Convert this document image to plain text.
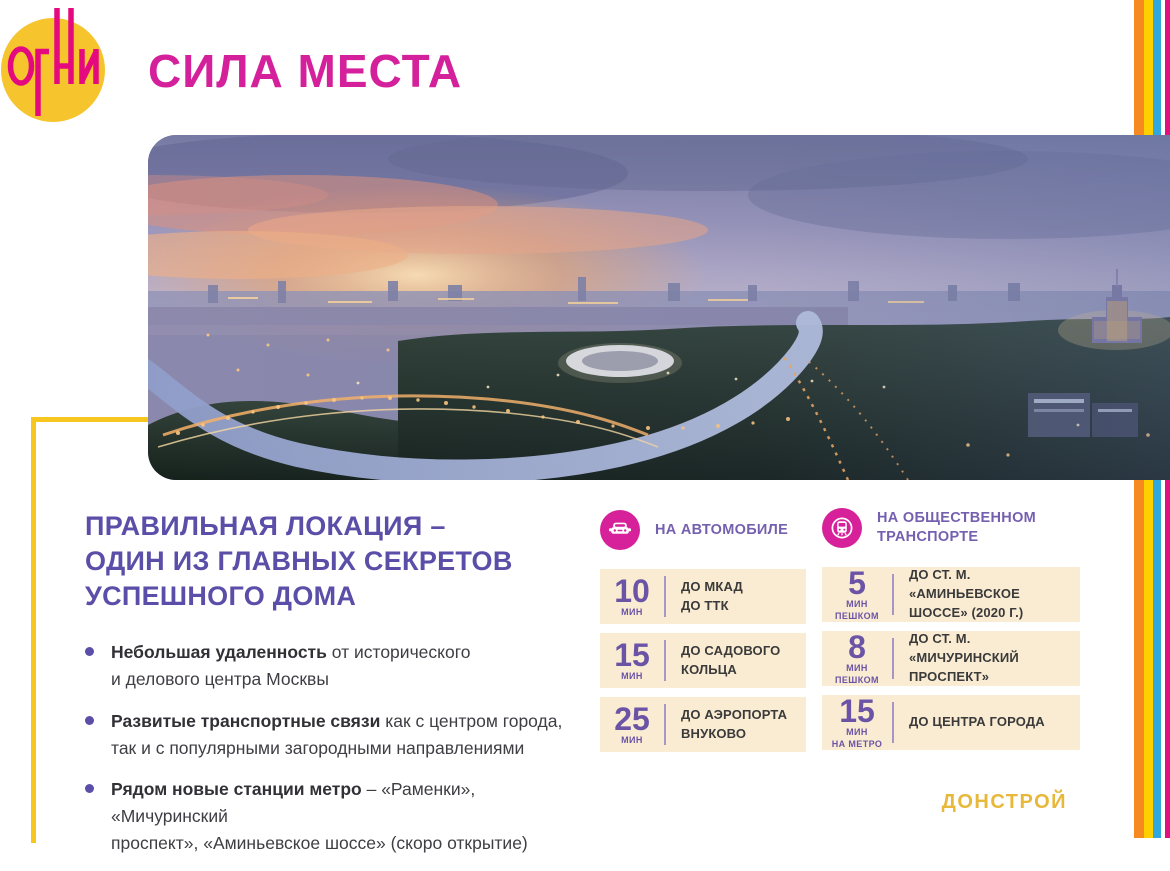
СИЛА МЕСТА
ПРАВИЛЬНАЯ ЛОКАЦИЯ –
ОДИН ИЗ ГЛАВНЫХ СЕКРЕТОВ
УСПЕШНОГО ДОМА
Небольшая удаленность от исторического
и делового центра Москвы
Развитые транспортные связи как с центром города,
так и с популярными загородными направлениями
Рядом новые станции метро – «Раменки», «Мичуринский
проспект», «Аминьевское шоссе» (скоро открытие)
НА АВТОМОБИЛЕ
10
МИН
ДО МКАД
ДО ТТК
15
МИН
ДО САДОВОГО
КОЛЬЦА
25
МИН
ДО АЭРОПОРТА
ВНУКОВО
НА ОБЩЕСТВЕННОМ ТРАНСПОРТЕ
5
МИН
ПЕШКОМ
ДО СТ. М. «АМИНЬЕВСКОЕ
ШОССЕ» (2020 Г.)
8
МИН
ПЕШКОМ
ДО СТ. М. «МИЧУРИНСКИЙ
ПРОСПЕКТ»
15
МИН
НА МЕТРО
ДО ЦЕНТРА ГОРОДА
ДОНСТРОЙ
